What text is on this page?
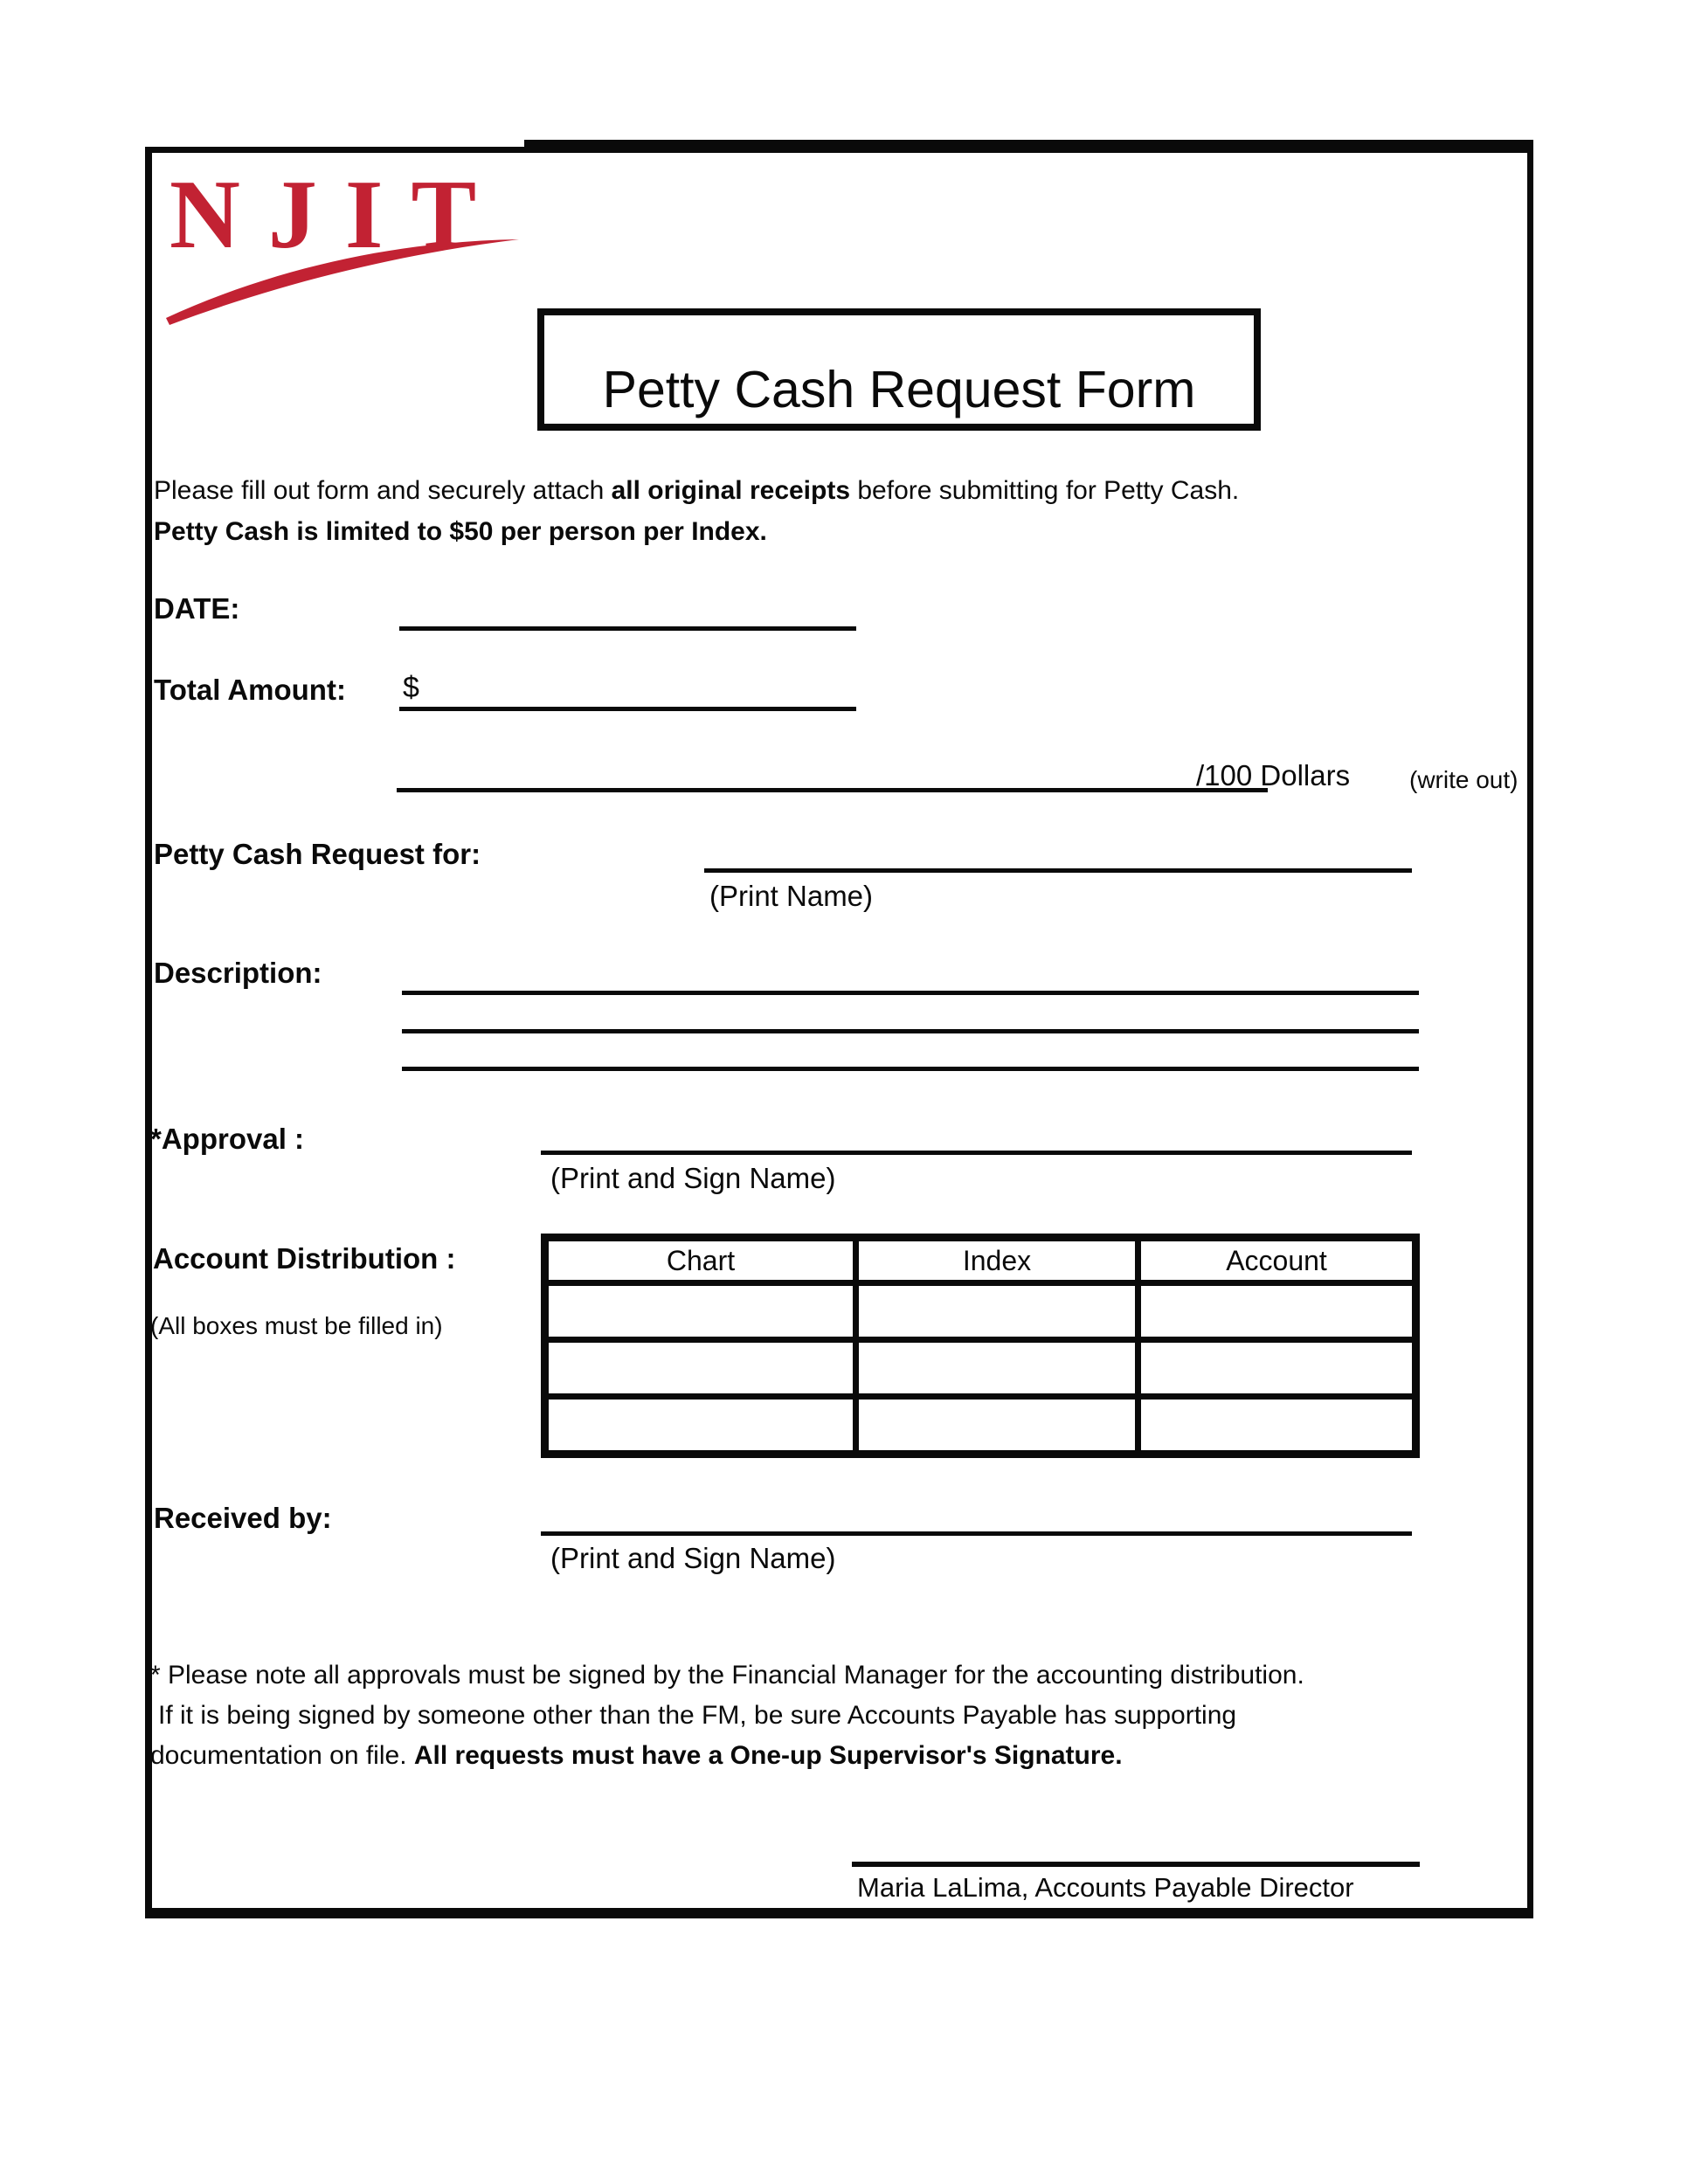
NJIT
Petty Cash Request Form
Please fill out form and securely attach all original receipts before submitting for Petty Cash.
Petty Cash is limited to $50 per person per Index.
DATE:
Total Amount: $
/100 Dollars (write out)
Petty Cash Request for:
(Print Name)
Description:
*Approval :
(Print and Sign Name)
Account Distribution :
(All boxes must be filled in)
Chart	Index	Account

Received by:
(Print and Sign Name)
* Please note all approvals must be signed by the Financial Manager for the accounting distribution.
If it is being signed by someone other than the FM, be sure Accounts Payable has supporting
documentation on file. All requests must have a One-up Supervisor's Signature.
Maria LaLima, Accounts Payable Director
